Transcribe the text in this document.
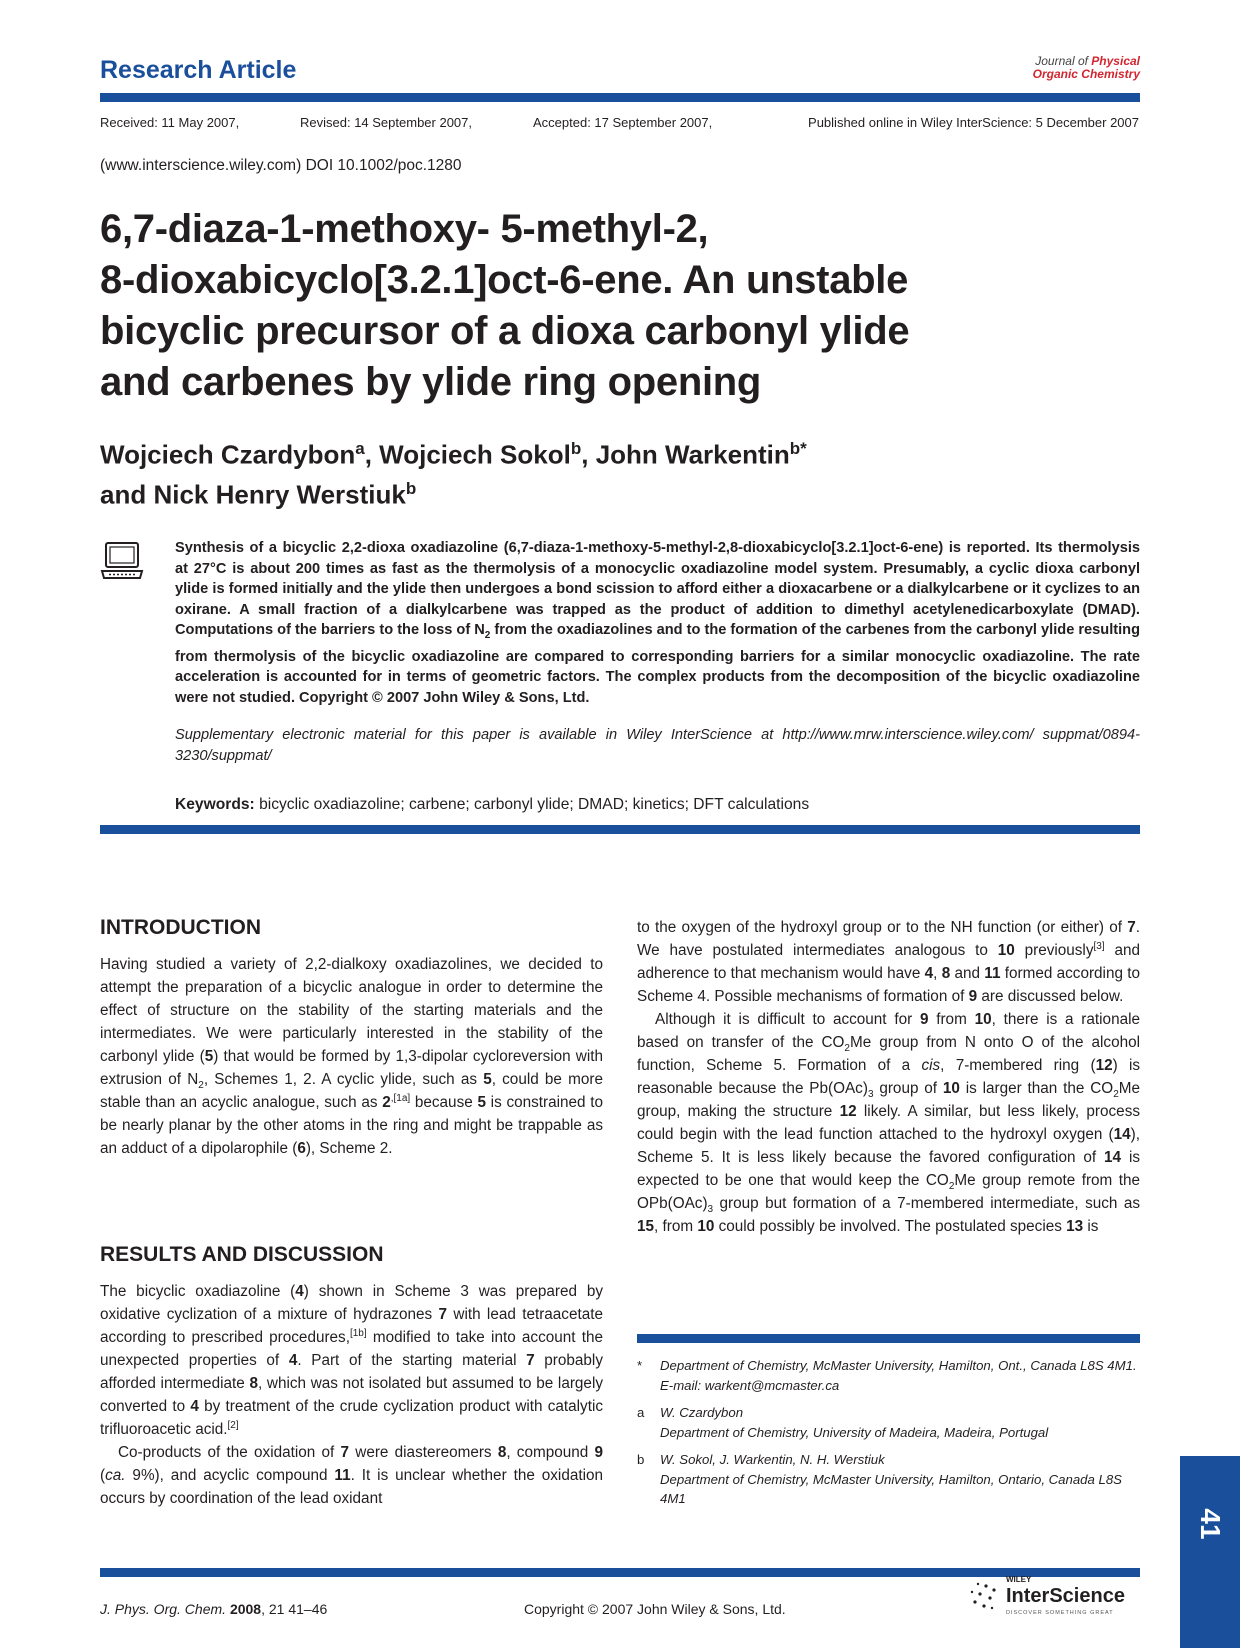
Research Article	Journal of Physical
Organic Chemistry
Received: 11 May 2007,	Revised: 14 September 2007,	Accepted: 17 September 2007,	Published online in Wiley InterScience: 5 December 2007
(www.interscience.wiley.com) DOI 10.1002/poc.1280
6,7-diaza-1-methoxy- 5-methyl-2,
8-dioxabicyclo[3.2.1]oct-6-ene. An unstable
bicyclic precursor of a dioxa carbonyl ylide
and carbenes by ylide ring opening
Wojciech Czardybon$^a$, Wojciech Sokol$^b$, John Warkentin$^{b*}$
and Nick Henry Werstiuk$^b$
Synthesis of a bicyclic 2,2-dioxa oxadiazoline (6,7-diaza-1-methoxy-5-methyl-2,8-dioxabicyclo[3.2.1]oct-6-ene) is reported. Its thermolysis at 27°C is about 200 times as fast as the thermolysis of a monocyclic oxadiazoline model system. Presumably, a cyclic dioxa carbonyl ylide is formed initially and the ylide then undergoes a bond scission to afford either a dioxacarbene or a dialkylcarbene or it cyclizes to an oxirane. A small fraction of a dialkylcarbene was trapped as the product of addition to dimethyl acetylenedicarboxylate (DMAD). Computations of the barriers to the loss of $N_2$ from the oxadiazolines and to the formation of the carbenes from the carbonyl ylide resulting from thermolysis of the bicyclic oxadiazoline are compared to corresponding barriers for a similar monocyclic oxadiazoline. The rate acceleration is accounted for in terms of geometric factors. The complex products from the decomposition of the bicyclic oxadiazoline were not studied. Copyright © 2007 John Wiley & Sons, Ltd.
Supplementary electronic material for this paper is available in Wiley InterScience at http://www.mrw.interscience.wiley.com/ suppmat/0894-3230/suppmat/
Keywords: bicyclic oxadiazoline; carbene; carbonyl ylide; DMAD; kinetics; DFT calculations
INTRODUCTION

Having studied a variety of 2,2-dialkoxy oxadiazolines, we decided to attempt the preparation of a bicyclic analogue in order to determine the effect of structure on the stability of the starting materials and the intermediates. We were particularly interested in the stability of the carbonyl ylide (5) that would be formed by 1,3-dipolar cycloreversion with extrusion of $N_2$, Schemes 1, 2. A cyclic ylide, such as 5, could be more stable than an acyclic analogue, such as $2^{,[1a]}$ because 5 is constrained to be nearly planar by the other atoms in the ring and might be trappable as an adduct of a dipolarophile (6), Scheme 2.

RESULTS AND DISCUSSION

The bicyclic oxadiazoline (4) shown in Scheme 3 was prepared by oxidative cyclization of a mixture of hydrazones 7 with lead tetraacetate according to prescribed procedures,[1b] modified to take into account the unexpected properties of 4. Part of the starting material 7 probably afforded intermediate 8, which was not isolated but assumed to be largely converted to 4 by treatment of the crude cyclization product with catalytic trifluoroacetic acid.[2]

Co-products of the oxidation of 7 were diastereomers 8, compound 9 (ca. 9%), and acyclic compound 11. It is unclear whether the oxidation occurs by coordination of the lead oxidant

to the oxygen of the hydroxyl group or to the NH function (or either) of 7. We have postulated intermediates analogous to 10 previously[3] and adherence to that mechanism would have 4, 8 and 11 formed according to Scheme 4. Possible mechanisms of formation of 9 are discussed below.

Although it is difficult to account for 9 from 10, there is a rationale based on transfer of the $CO_2Me$ group from N onto O of the alcohol function, Scheme 5. Formation of a cis, 7-membered ring (12) is reasonable because the $Pb(OAc)_3$ group of 10 is larger than the $CO_2Me$ group, making the structure 12 likely. A similar, but less likely, process could begin with the lead function attached to the hydroxyl oxygen (14), Scheme 5. It is less likely because the favored configuration of 14 is expected to be one that would keep the $CO_2Me$ group remote from the $OPb(OAc)_3$ group but formation of a 7-membered intermediate, such as 15, from 10 could possibly be involved. The postulated species 13 is

* Department of Chemistry, McMaster University, Hamilton, Ont., Canada L8S 4M1.
E-mail: warkent@mcmaster.ca
a W. Czardybon
Department of Chemistry, University of Madeira, Madeira, Portugal
b W. Sokol, J. Warkentin, N. H. Werstiuk
Department of Chemistry, McMaster University, Hamilton, Ontario, Canada L8S 4M1
J. Phys. Org. Chem. 2008, 21 41–46	Copyright © 2007 John Wiley & Sons, Ltd.
WILEY
InterScience
DISCOVER SOMETHING GREAT
41
